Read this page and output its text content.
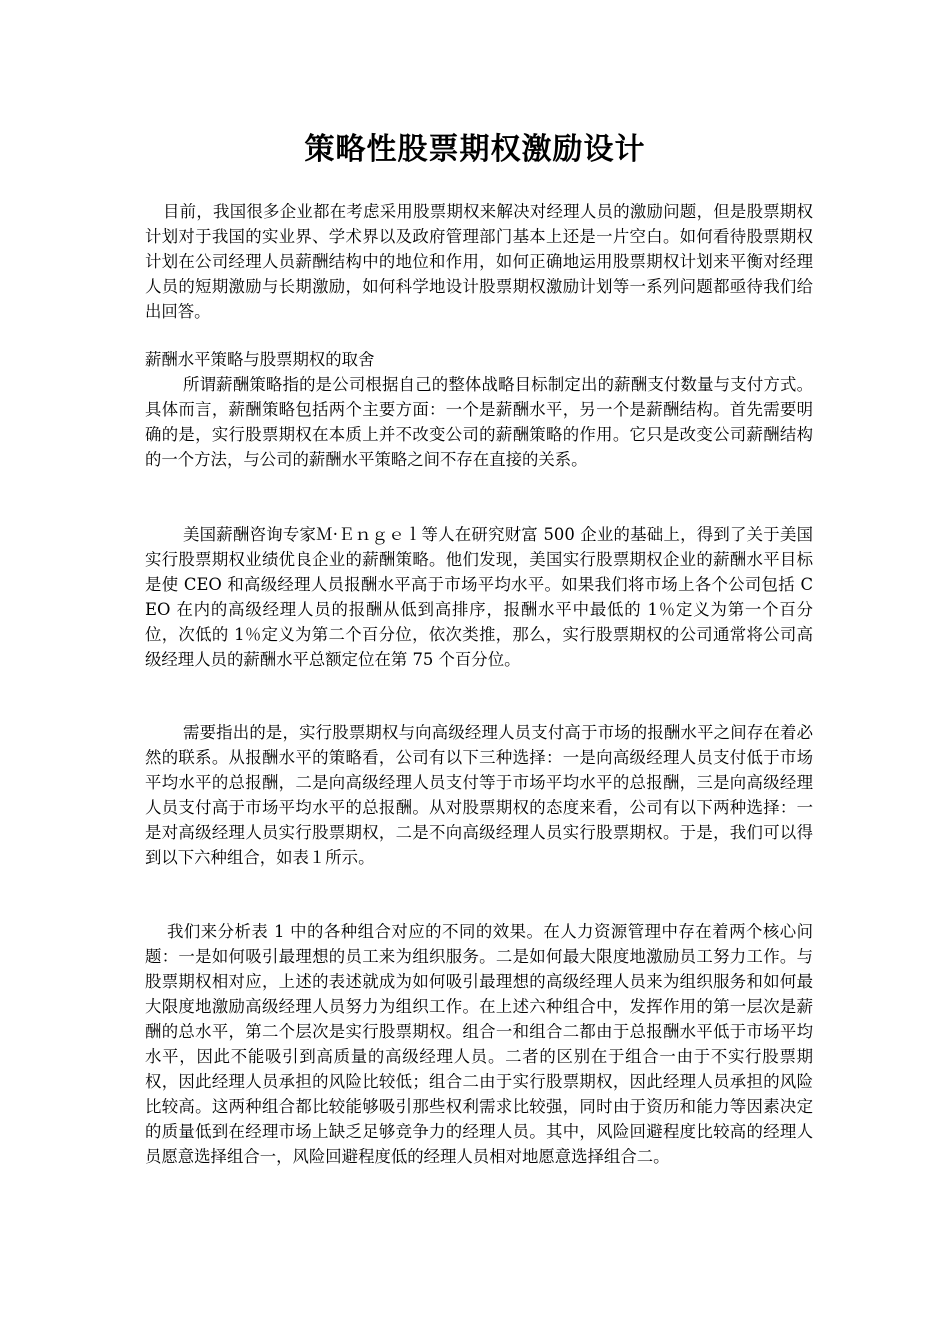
策略性股票期权激励设计

目前，我国很多企业都在考虑采用股票期权来解决对经理人员的激励问题，但是股票期权计划对于我国的实业界、学术界以及政府管理部门基本上还是一片空白。如何看待股票期权计划在公司经理人员薪酬结构中的地位和作用，如何正确地运用股票期权计划来平衡对经理人员的短期激励与长期激励，如何科学地设计股票期权激励计划等一系列问题都亟待我们给出回答。

薪酬水平策略与股票期权的取舍

所谓薪酬策略指的是公司根据自己的整体战略目标制定出的薪酬支付数量与支付方式。具体而言，薪酬策略包括两个主要方面：一个是薪酬水平，另一个是薪酬结构。首先需要明确的是，实行股票期权在本质上并不改变公司的薪酬策略的作用。它只是改变公司薪酬结构的一个方法，与公司的薪酬水平策略之间不存在直接的关系。

美国薪酬咨询专家Ｍ·Ｅｎｇｅｌ等人在研究财富 500 企业的基础上，得到了关于美国实行股票期权业绩优良企业的薪酬策略。他们发现，美国实行股票期权企业的薪酬水平目标是使 CEO 和高级经理人员报酬水平高于市场平均水平。如果我们将市场上各个公司包括 CEO 在内的高级经理人员的报酬从低到高排序，报酬水平中最低的 1％定义为第一个百分位，次低的 1％定义为第二个百分位，依次类推，那么，实行股票期权的公司通常将公司高级经理人员的薪酬水平总额定位在第 75 个百分位。

需要指出的是，实行股票期权与向高级经理人员支付高于市场的报酬水平之间存在着必然的联系。从报酬水平的策略看，公司有以下三种选择：一是向高级经理人员支付低于市场平均水平的总报酬，二是向高级经理人员支付等于市场平均水平的总报酬，三是向高级经理人员支付高于市场平均水平的总报酬。从对股票期权的态度来看，公司有以下两种选择：一是对高级经理人员实行股票期权，二是不向高级经理人员实行股票期权。于是，我们可以得到以下六种组合，如表１所示。

我们来分析表 1 中的各种组合对应的不同的效果。在人力资源管理中存在着两个核心问题：一是如何吸引最理想的员工来为组织服务。二是如何最大限度地激励员工努力工作。与股票期权相对应，上述的表述就成为如何吸引最理想的高级经理人员来为组织服务和如何最大限度地激励高级经理人员努力为组织工作。在上述六种组合中，发挥作用的第一层次是薪酬的总水平，第二个层次是实行股票期权。组合一和组合二都由于总报酬水平低于市场平均水平，因此不能吸引到高质量的高级经理人员。二者的区别在于组合一由于不实行股票期权，因此经理人员承担的风险比较低；组合二由于实行股票期权，因此经理人员承担的风险比较高。这两种组合都比较能够吸引那些权利需求比较强，同时由于资历和能力等因素决定的质量低到在经理市场上缺乏足够竞争力的经理人员。其中，风险回避程度比较高的经理人员愿意选择组合一，风险回避程度低的经理人员相对地愿意选择组合二。
